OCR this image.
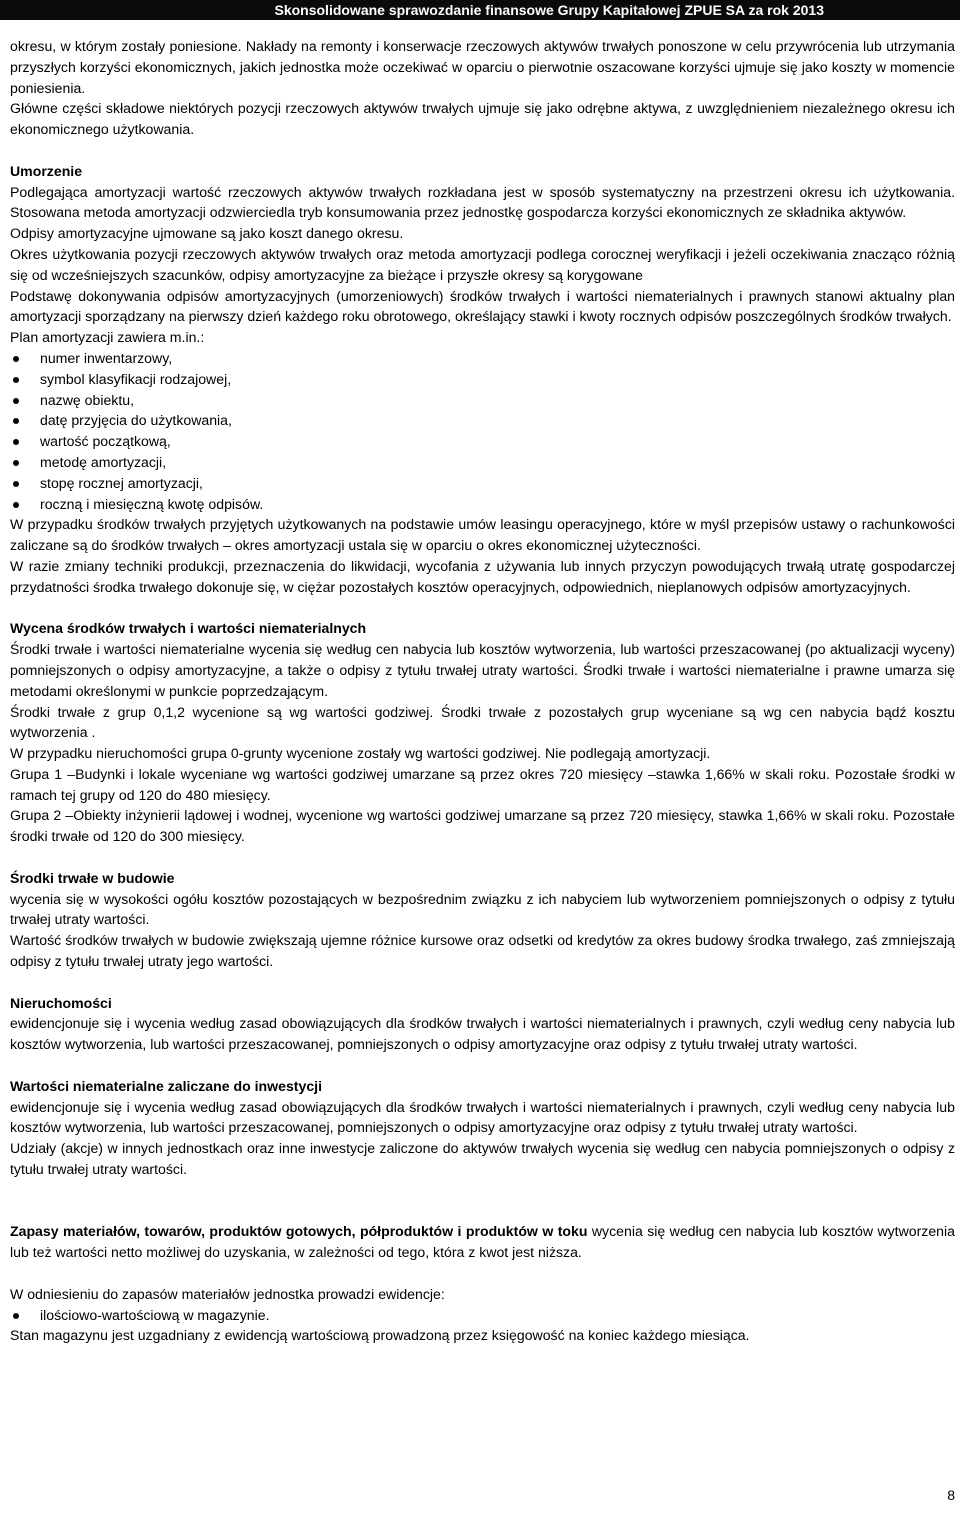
Skonsolidowane sprawozdanie finansowe Grupy Kapitałowej ZPUE SA za rok 2013

okresu, w którym zostały poniesione. Nakłady na remonty i konserwacje rzeczowych aktywów trwałych ponoszone w celu przywrócenia lub utrzymania przyszłych korzyści ekonomicznych, jakich jednostka może oczekiwać w oparciu o pierwotnie oszacowane korzyści ujmuje się jako koszty w momencie poniesienia.

Główne części składowe niektórych pozycji rzeczowych aktywów trwałych ujmuje się jako odrębne aktywa, z uwzględnieniem niezależnego okresu ich ekonomicznego użytkowania.

Umorzenie

Podlegająca amortyzacji wartość rzeczowych aktywów trwałych rozkładana jest w sposób systematyczny na przestrzeni okresu ich użytkowania. Stosowana metoda amortyzacji odzwierciedla tryb konsumowania przez jednostkę gospodarcza korzyści ekonomicznych ze składnika aktywów.

Odpisy amortyzacyjne ujmowane są jako koszt danego okresu.

Okres użytkowania pozycji rzeczowych aktywów trwałych oraz metoda amortyzacji podlega corocznej weryfikacji i jeżeli oczekiwania znacząco różnią się od wcześniejszych szacunków, odpisy amortyzacyjne za bieżące i przyszłe okresy są korygowane

Podstawę dokonywania odpisów amortyzacyjnych (umorzeniowych) środków trwałych i wartości niematerialnych i prawnych stanowi aktualny plan amortyzacji sporządzany na pierwszy dzień każdego roku obrotowego, określający stawki i kwoty rocznych odpisów poszczególnych środków trwałych.

Plan amortyzacji zawiera m.in.:

numer inwentarzowy,
symbol klasyfikacji rodzajowej,
nazwę obiektu,
datę przyjęcia do użytkowania,
wartość początkową,
metodę amortyzacji,
stopę rocznej amortyzacji,
roczną i miesięczną kwotę odpisów.

W przypadku środków trwałych przyjętych użytkowanych na podstawie umów leasingu operacyjnego, które w myśl przepisów ustawy o rachunkowości zaliczane są do środków trwałych – okres amortyzacji ustala się w oparciu o okres ekonomicznej użyteczności.

W razie zmiany techniki produkcji, przeznaczenia do likwidacji, wycofania z używania lub innych przyczyn powodujących trwałą utratę gospodarczej przydatności środka trwałego dokonuje się, w ciężar pozostałych kosztów operacyjnych, odpowiednich, nieplanowych odpisów amortyzacyjnych.

Wycena środków trwałych i wartości niematerialnych

Środki trwałe i wartości niematerialne wycenia się według cen nabycia lub kosztów wytworzenia, lub wartości przeszacowanej (po aktualizacji wyceny) pomniejszonych o odpisy amortyzacyjne, a także o odpisy z tytułu trwałej utraty wartości. Środki trwałe i wartości niematerialne i prawne umarza się metodami określonymi w punkcie poprzedzającym.

Środki trwałe z grup 0,1,2 wycenione są wg wartości godziwej. Środki trwałe z pozostałych grup wyceniane są wg cen nabycia bądź kosztu wytworzenia .

W przypadku nieruchomości grupa 0-grunty wycenione zostały wg wartości godziwej. Nie podlegają amortyzacji.

Grupa 1 –Budynki i lokale wyceniane wg wartości godziwej umarzane są przez okres 720 miesięcy –stawka 1,66% w skali roku. Pozostałe środki w ramach tej grupy od 120 do 480 miesięcy.

Grupa 2 –Obiekty inżynierii lądowej i wodnej, wycenione wg wartości godziwej umarzane są przez 720 miesięcy, stawka 1,66% w skali roku. Pozostałe środki trwałe od 120 do 300 miesięcy.

Środki trwałe w budowie

wycenia się w wysokości ogółu kosztów pozostających w bezpośrednim związku z ich nabyciem lub wytworzeniem pomniejszonych o odpisy z tytułu trwałej utraty wartości.

Wartość środków trwałych w budowie zwiększają ujemne różnice kursowe oraz odsetki od kredytów za okres budowy środka trwałego, zaś zmniejszają odpisy z tytułu trwałej utraty jego wartości.

Nieruchomości

ewidencjonuje się i wycenia według zasad obowiązujących dla środków trwałych i wartości niematerialnych i prawnych, czyli według ceny nabycia lub kosztów wytworzenia, lub wartości przeszacowanej, pomniejszonych o odpisy amortyzacyjne oraz odpisy z tytułu trwałej utraty wartości.

Wartości niematerialne zaliczane do inwestycji

ewidencjonuje się i wycenia według zasad obowiązujących dla środków trwałych i wartości niematerialnych i prawnych, czyli według ceny nabycia lub kosztów wytworzenia, lub wartości przeszacowanej, pomniejszonych o odpisy amortyzacyjne oraz odpisy z tytułu trwałej utraty wartości.

Udziały (akcje) w innych jednostkach oraz inne inwestycje zaliczone do aktywów trwałych wycenia się według cen nabycia pomniejszonych o odpisy z tytułu trwałej utraty wartości.

Zapasy materiałów, towarów, produktów gotowych, półproduktów i produktów w toku wycenia się według cen nabycia lub kosztów wytworzenia lub też wartości netto możliwej do uzyskania, w zależności od tego, która z kwot jest niższa.

W odniesieniu do zapasów materiałów jednostka prowadzi ewidencje:

ilościowo-wartościową w magazynie.

Stan magazynu jest uzgadniany z ewidencją wartościową prowadzoną przez księgowość na koniec każdego miesiąca.

8
